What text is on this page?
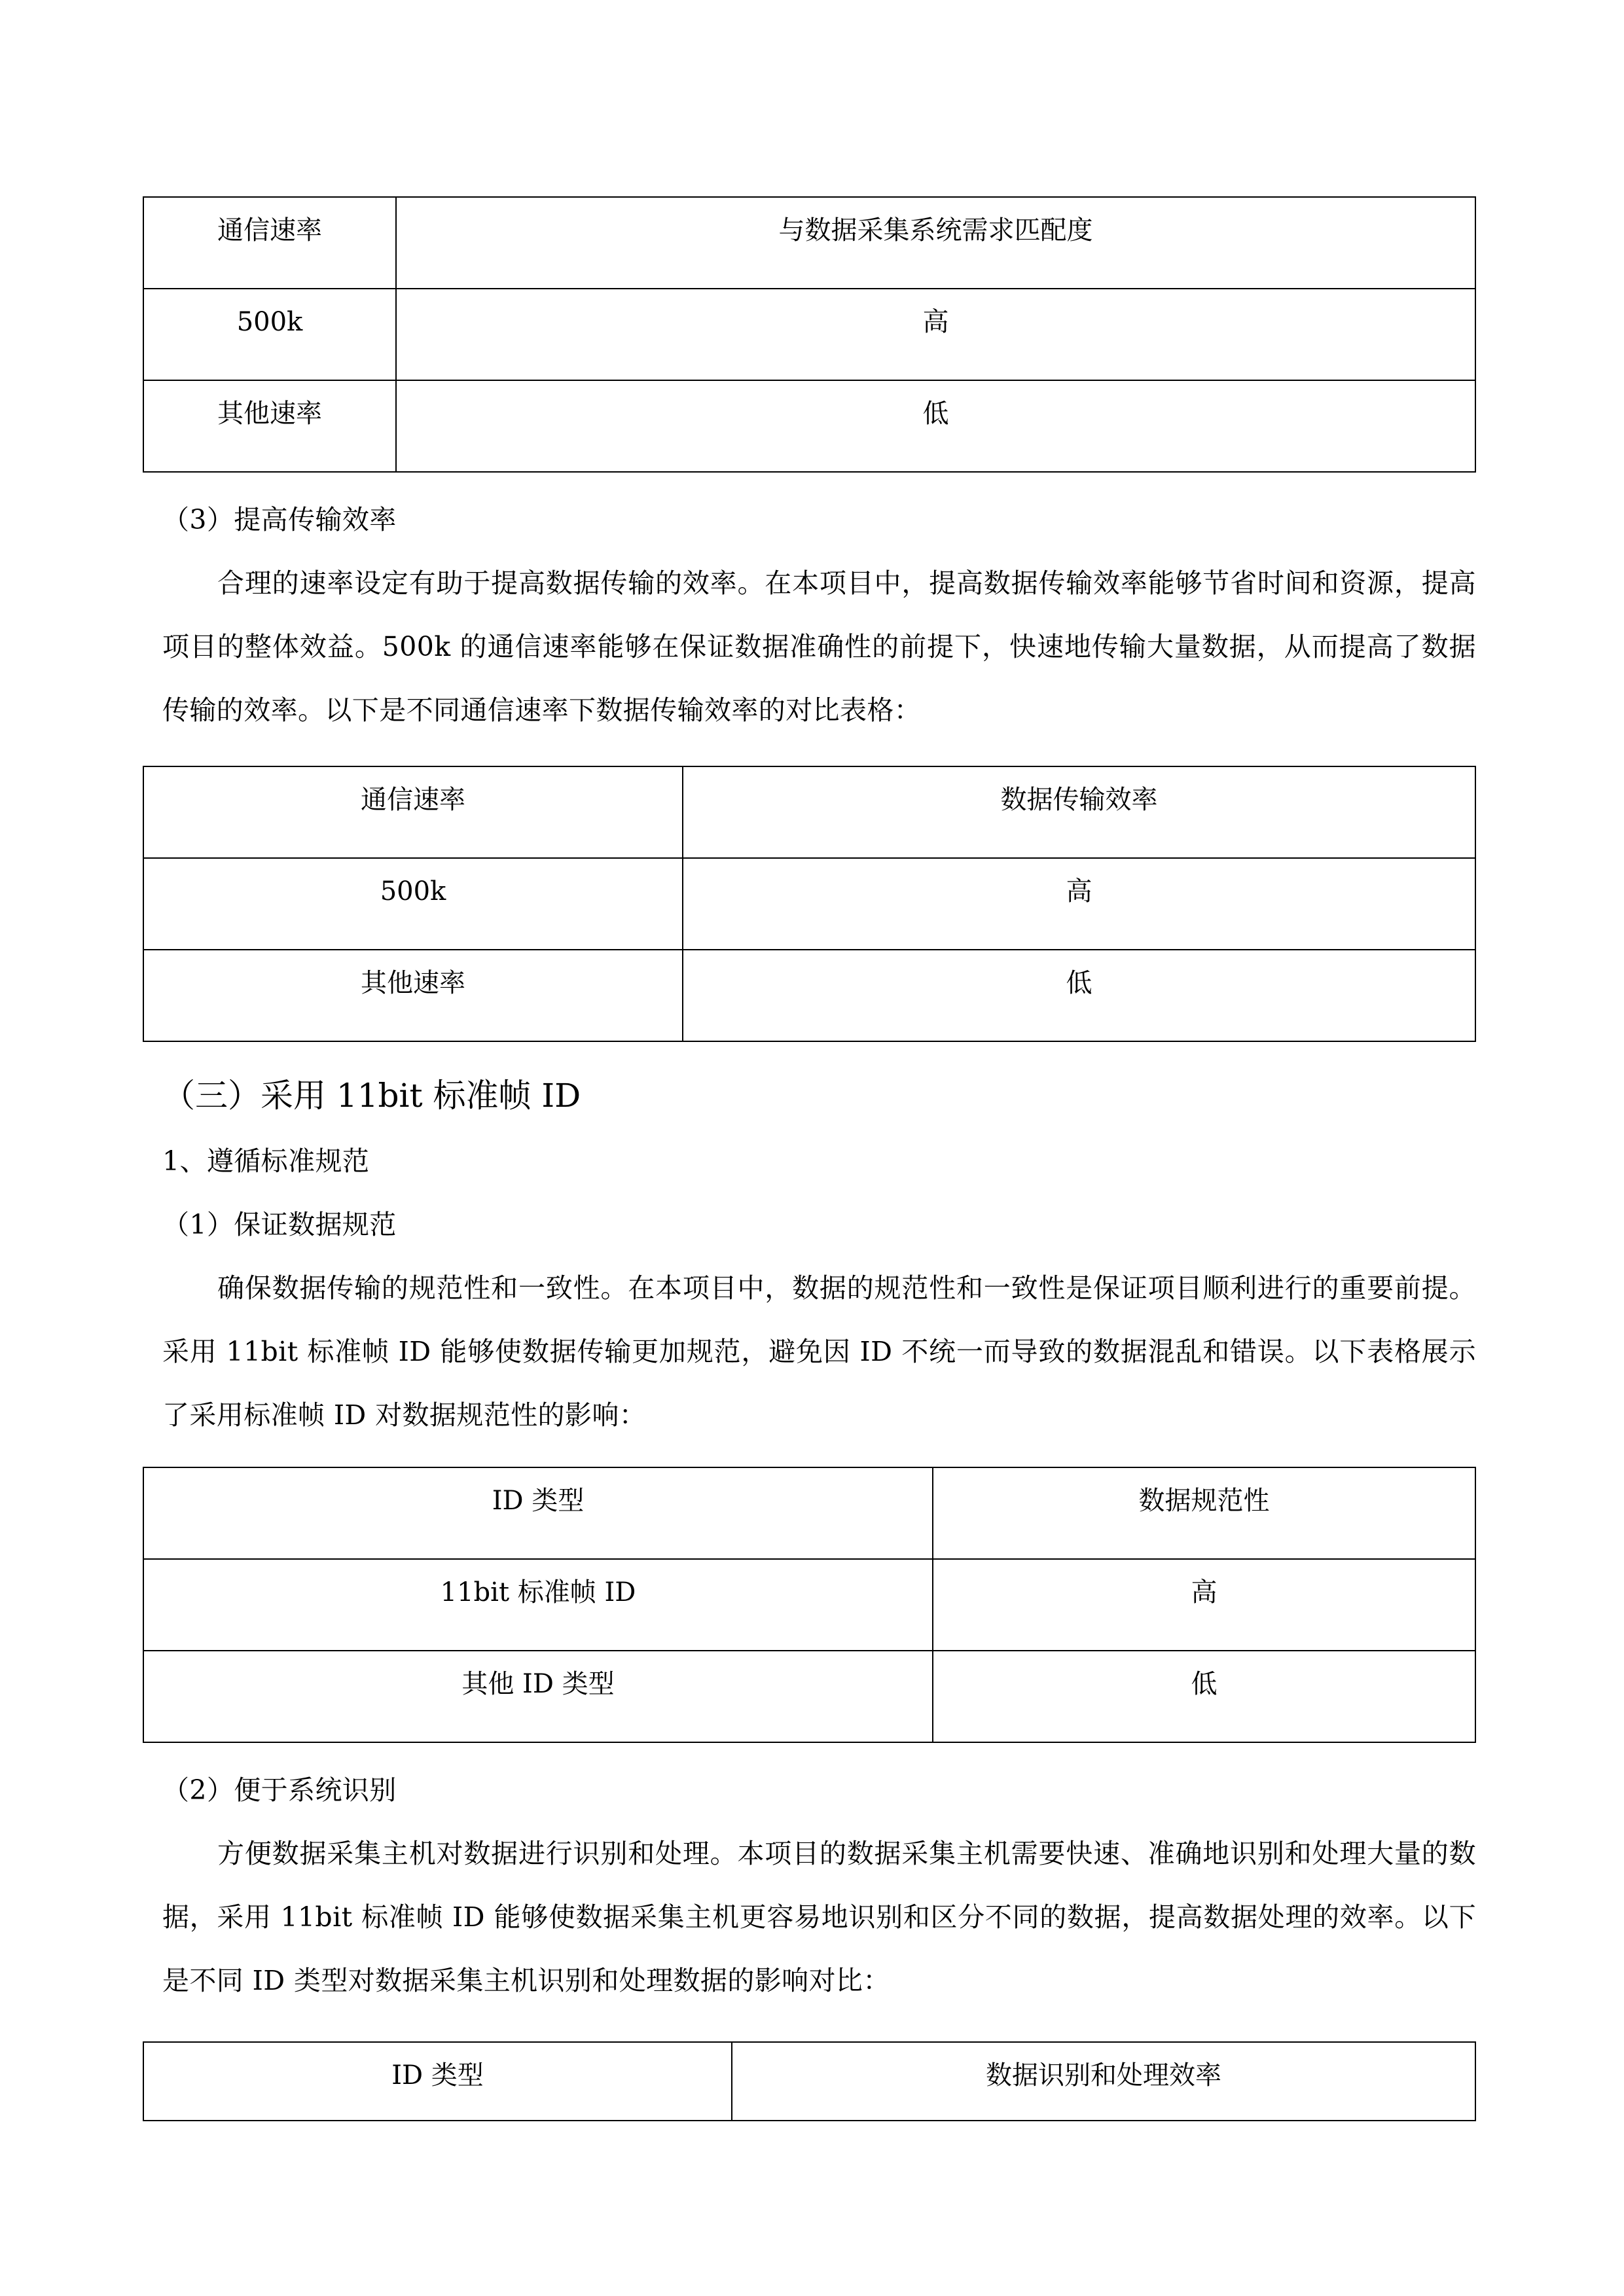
通信速率	与数据采集系统需求匹配度
500k	高
其他速率	低

（3）提高传输效率

合理的速率设定有助于提高数据传输的效率。在本项目中，提高数据传输效率能够节省时间和资源，提高项目的整体效益。500k 的通信速率能够在保证数据准确性的前提下，快速地传输大量数据，从而提高了数据传输的效率。以下是不同通信速率下数据传输效率的对比表格：

通信速率	数据传输效率
500k	高
其他速率	低

（三）采用 11bit 标准帧 ID

1、遵循标准规范

（1）保证数据规范

确保数据传输的规范性和一致性。在本项目中，数据的规范性和一致性是保证项目顺利进行的重要前提。采用 11bit 标准帧 ID 能够使数据传输更加规范，避免因 ID 不统一而导致的数据混乱和错误。以下表格展示了采用标准帧 ID 对数据规范性的影响：

ID 类型	数据规范性
11bit 标准帧 ID	高
其他 ID 类型	低

（2）便于系统识别

方便数据采集主机对数据进行识别和处理。本项目的数据采集主机需要快速、准确地识别和处理大量的数据，采用 11bit 标准帧 ID 能够使数据采集主机更容易地识别和区分不同的数据，提高数据处理的效率。以下是不同 ID 类型对数据采集主机识别和处理数据的影响对比：

ID 类型	数据识别和处理效率
